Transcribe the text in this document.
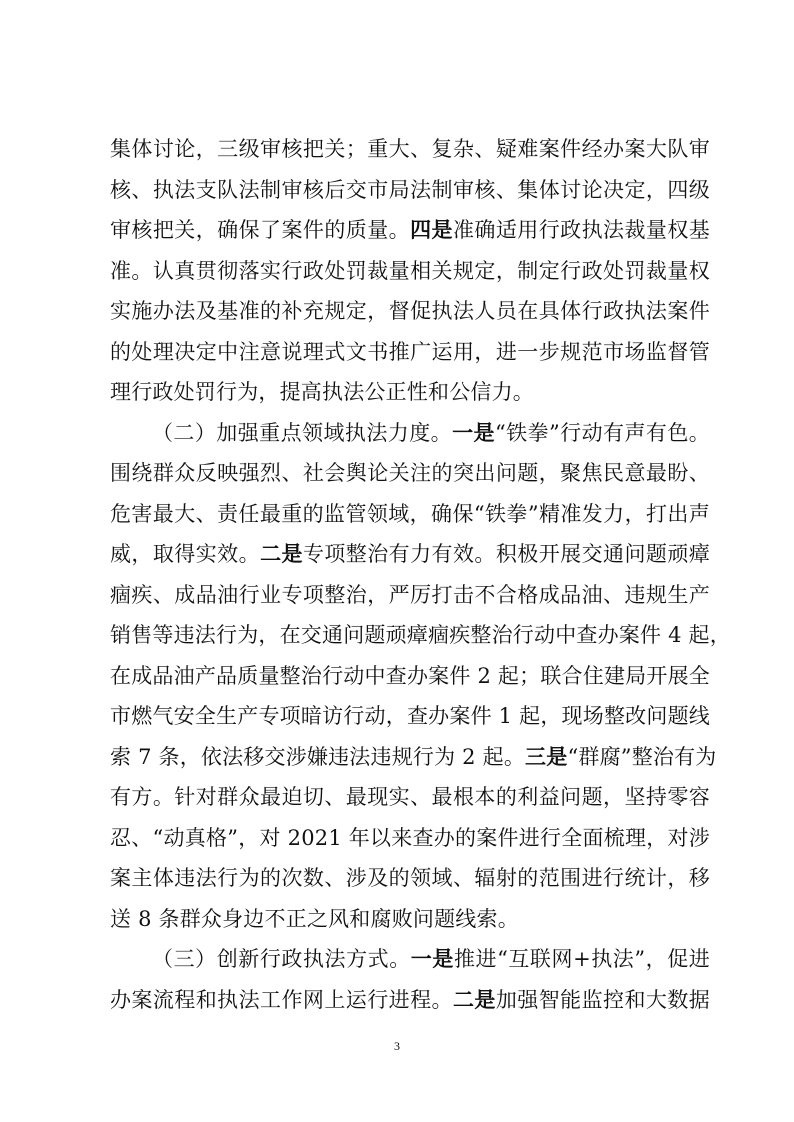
集体讨论，三级审核把关；重大、复杂、疑难案件经办案大队审
核、执法支队法制审核后交市局法制审核、集体讨论决定，四级
审核把关，确保了案件的质量。四是准确适用行政执法裁量权基
准。认真贯彻落实行政处罚裁量相关规定，制定行政处罚裁量权
实施办法及基准的补充规定，督促执法人员在具体行政执法案件
的处理决定中注意说理式文书推广运用，进一步规范市场监督管
理行政处罚行为，提高执法公正性和公信力。
（二）加强重点领域执法力度。一是“铁拳”行动有声有色。
围绕群众反映强烈、社会舆论关注的突出问题，聚焦民意最盼、
危害最大、责任最重的监管领域，确保“铁拳”精准发力，打出声
威，取得实效。二是专项整治有力有效。积极开展交通问题顽瘴
痼疾、成品油行业专项整治，严厉打击不合格成品油、违规生产
销售等违法行为，在交通问题顽瘴痼疾整治行动中查办案件 4 起，
在成品油产品质量整治行动中查办案件 2 起；联合住建局开展全
市燃气安全生产专项暗访行动，查办案件 1 起，现场整改问题线
索 7 条，依法移交涉嫌违法违规行为 2 起。三是“群腐”整治有为
有方。针对群众最迫切、最现实、最根本的利益问题，坚持零容
忍、“动真格”，对 2021 年以来查办的案件进行全面梳理，对涉
案主体违法行为的次数、涉及的领域、辐射的范围进行统计，移
送 8 条群众身边不正之风和腐败问题线索。
（三）创新行政执法方式。一是推进“互联网+执法”，促进
办案流程和执法工作网上运行进程。二是加强智能监控和大数据
3
